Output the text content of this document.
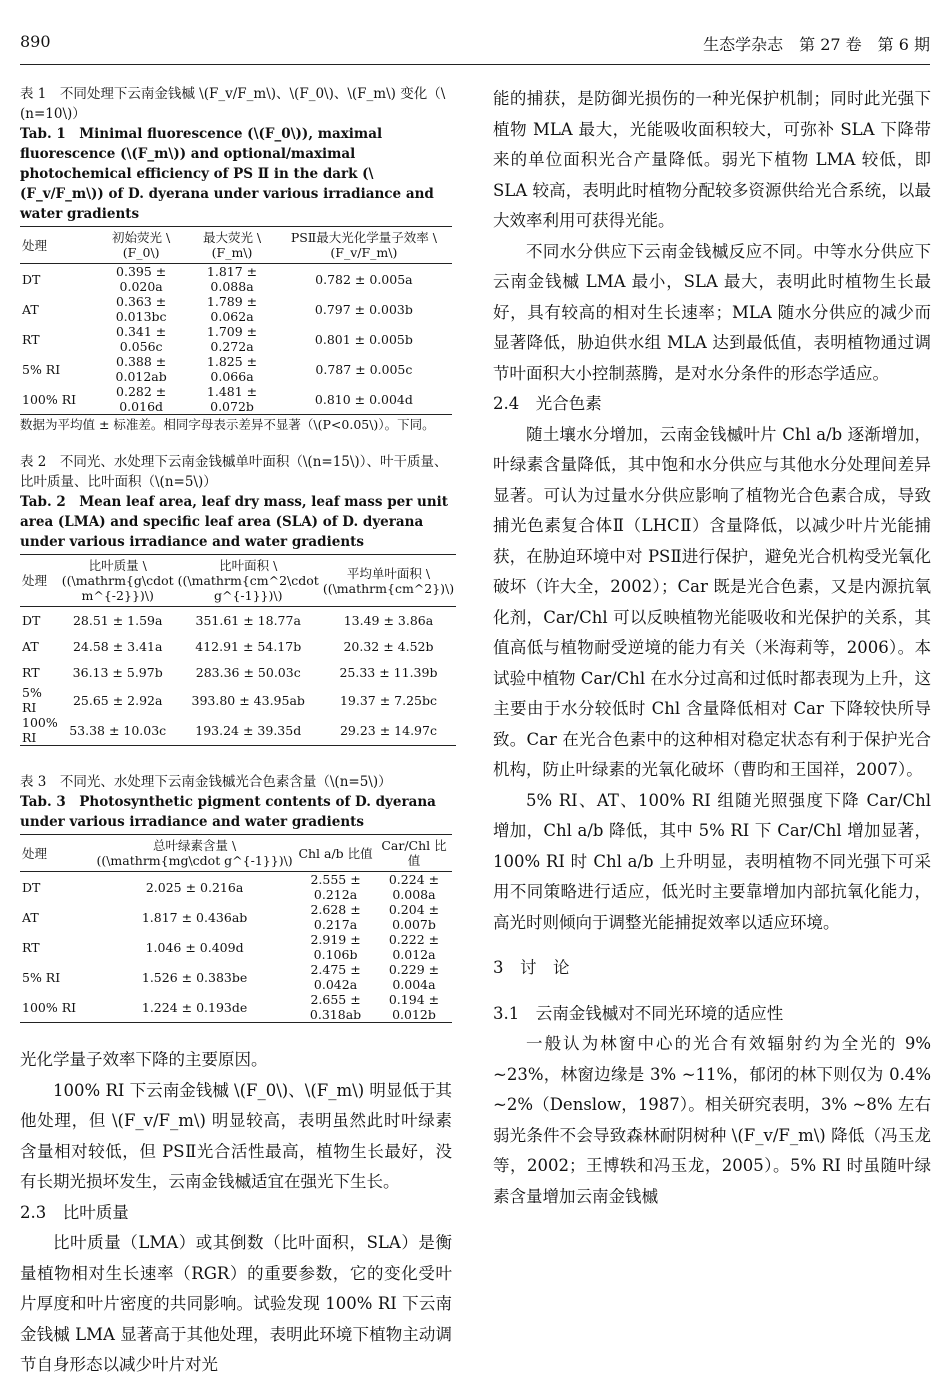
890	生态学杂志　第 27 卷　第 6 期
表 1　不同处理下云南金钱槭 \(F_v/F_m\)、\(F_0\)、\(F_m\) 变化（\(n=10\)）
Tab. 1　Minimal fluorescence (\(F_0\)), maximal fluorescence (\(F_m\)) and optional/maximal photochemical efficiency of PS Ⅱ in the dark (\(F_v/F_m\)) of D. dyerana under various irradiance and water gradients
处理	初始荧光 \(F_0\)	最大荧光 \(F_m\)	PSⅡ最大光化学量子效率 \(F_v/F_m\)
DT	0.395 ± 0.020a	1.817 ± 0.088a	0.782 ± 0.005a
AT	0.363 ± 0.013bc	1.789 ± 0.062a	0.797 ± 0.003b
RT	0.341 ± 0.056c	1.709 ± 0.272a	0.801 ± 0.005b
5% RI	0.388 ± 0.012ab	1.825 ± 0.066a	0.787 ± 0.005c
100% RI	0.282 ± 0.016d	1.481 ± 0.072b	0.810 ± 0.004d
数据为平均值 ± 标准差。相同字母表示差异不显著（\(P<0.05\)）。下同。
表 2　不同光、水处理下云南金钱槭单叶面积（\(n=15\)）、叶干质量、比叶质量、比叶面积（\(n=5\)）
Tab. 2　Mean leaf area, leaf dry mass, leaf mass per unit area (LMA) and specific leaf area (SLA) of D. dyerana under various irradiance and water gradients
处理	比叶质量 \((\mathrm{g\cdot m^{-2}})\)	比叶面积 \((\mathrm{cm^2\cdot g^{-1}})\)	平均单叶面积 \((\mathrm{cm^2})\)
DT	28.51 ± 1.59a	351.61 ± 18.77a	13.49 ± 3.86a
AT	24.58 ± 3.41a	412.91 ± 54.17b	20.32 ± 4.52b
RT	36.13 ± 5.97b	283.36 ± 50.03c	25.33 ± 11.39b
5% RI	25.65 ± 2.92a	393.80 ± 43.95ab	19.37 ± 7.25bc
100% RI	53.38 ± 10.03c	193.24 ± 39.35d	29.23 ± 14.97c
表 3　不同光、水处理下云南金钱槭光合色素含量（\(n=5\)）
Tab. 3　Photosynthetic pigment contents of D. dyerana under various irradiance and water gradients
处理	总叶绿素含量 \((\mathrm{mg\cdot g^{-1}})\)	Chl a/b 比值	Car/Chl 比值
DT	2.025 ± 0.216a	2.555 ± 0.212a	0.224 ± 0.008a
AT	1.817 ± 0.436ab	2.628 ± 0.217a	0.204 ± 0.007b
RT	1.046 ± 0.409d	2.919 ± 0.106b	0.222 ± 0.012a
5% RI	1.526 ± 0.383be	2.475 ± 0.042a	0.229 ± 0.004a
100% RI	1.224 ± 0.193de	2.655 ± 0.318ab	0.194 ± 0.012b
光化学量子效率下降的主要原因。
100% RI 下云南金钱槭 \(F_0\)、\(F_m\) 明显低于其他处理，但 \(F_v/F_m\) 明显较高，表明虽然此时叶绿素含量相对较低，但 PSⅡ光合活性最高，植物生长最好，没有长期光损坏发生，云南金钱槭适宜在强光下生长。
2.3　 比叶质量
比叶质量（LMA）或其倒数（比叶面积，SLA）是衡量植物相对生长速率（RGR）的重要参数，它的变化受叶片厚度和叶片密度的共同影响。试验发现 100% RI 下云南金钱槭 LMA 显著高于其他处理，表明此环境下植物主动调节自身形态以减少叶片对光
能的捕获，是防御光损伤的一种光保护机制；同时此光强下植物 MLA 最大，光能吸收面积较大，可弥补 SLA 下降带来的单位面积光合产量降低。弱光下植物 LMA 较低，即 SLA 较高，表明此时植物分配较多资源供给光合系统，以最大效率利用可获得光能。
不同水分供应下云南金钱槭反应不同。中等水分供应下云南金钱槭 LMA 最小，SLA 最大，表明此时植物生长最好，具有较高的相对生长速率；MLA 随水分供应的减少而显著降低，胁迫供水组 MLA 达到最低值，表明植物通过调节叶面积大小控制蒸腾，是对水分条件的形态学适应。
2.4　 光合色素
随土壤水分增加，云南金钱槭叶片 Chl a/b 逐渐增加，叶绿素含量降低，其中饱和水分供应与其他水分处理间差异显著。可认为过量水分供应影响了植物光合色素合成，导致捕光色素复合体Ⅱ（LHCⅡ）含量降低，以减少叶片光能捕获，在胁迫环境中对 PSⅡ进行保护，避免光合机构受光氧化破坏（许大全，2002）；Car 既是光合色素，又是内源抗氧化剂，Car/Chl 可以反映植物光能吸收和光保护的关系，其值高低与植物耐受逆境的能力有关（米海莉等，2006）。本试验中植物 Car/Chl 在水分过高和过低时都表现为上升，这主要由于水分较低时 Chl 含量降低相对 Car 下降较快所导致。Car 在光合色素中的这种相对稳定状态有利于保护光合机构，防止叶绿素的光氧化破坏（曹昀和王国祥，2007）。
5% RI、AT、100% RI 组随光照强度下降 Car/Chl 增加，Chl a/b 降低，其中 5% RI 下 Car/Chl 增加显著，100% RI 时 Chl a/b 上升明显，表明植物不同光强下可采用不同策略进行适应，低光时主要靠增加内部抗氧化能力，高光时则倾向于调整光能捕捉效率以适应环境。
3　 讨　论
3.1　 云南金钱槭对不同光环境的适应性
一般认为林窗中心的光合有效辐射约为全光的 9% ~23%，林窗边缘是 3% ~11%，郁闭的林下则仅为 0.4% ~2%（Denslow，1987）。相关研究表明，3% ~8% 左右弱光条件不会导致森林耐阴树种 \(F_v/F_m\) 降低（冯玉龙等，2002；王博轶和冯玉龙，2005）。5% RI 时虽随叶绿素含量增加云南金钱槭
